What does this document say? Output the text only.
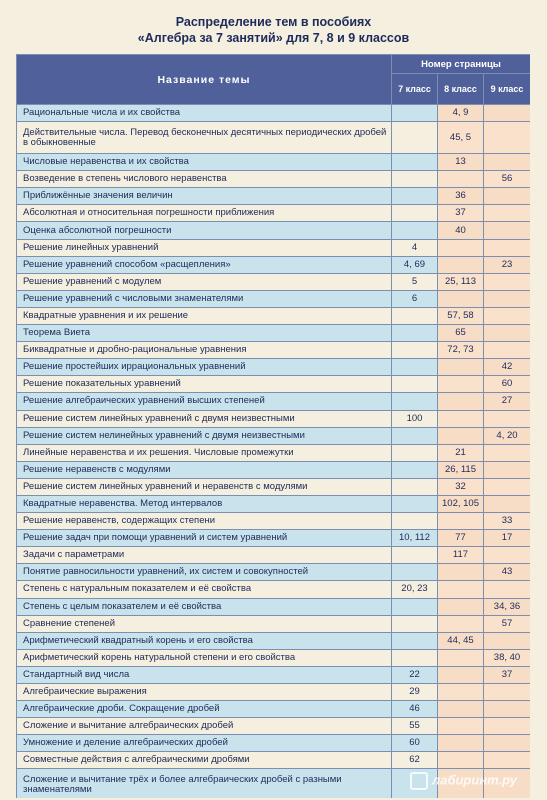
Распределение тем в пособиях
«Алгебра за 7 занятий» для 7, 8 и 9 классов
Название темы	Номер страницы		
	7 класс	8 класс	9 класс
Рациональные числа и их свойства		4, 9	
Действительные числа. Перевод бесконечных десятичных периодических дробей в обыкновенные		45, 5	
Числовые неравенства и их свойства		13	
Возведение в степень числового неравенства			56
Приближённые значения величин		36	
Абсолютная и относительная погрешности приближения		37	
Оценка абсолютной погрешности		40	
Решение линейных уравнений	4		
Решение уравнений способом «расщепления»	4, 69		23
Решение уравнений с модулем	5	25, 113	
Решение уравнений с числовыми знаменателями	6		
Квадратные уравнения и их решение		57, 58	
Теорема Виета		65	
Биквадратные и дробно-рациональные уравнения		72, 73	
Решение простейших иррациональных уравнений			42
Решение показательных уравнений			60
Решение алгебраических уравнений высших степеней			27
Решение систем линейных уравнений с двумя неизвестными	100		
Решение систем нелинейных уравнений с двумя неизвестными			4, 20
Линейные неравенства и их решения. Числовые промежутки		21	
Решение неравенств с модулями		26, 115	
Решение систем линейных уравнений и неравенств с модулями		32	
Квадратные неравенства. Метод интервалов		102, 105	
Решение неравенств, содержащих степени			33
Решение задач при помощи уравнений и систем уравнений	10, 112	77	17
Задачи с параметрами		117	
Понятие равносильности уравнений, их систем и совокупностей			43
Степень с натуральным показателем и её свойства	20, 23		
Степень с целым показателем и её свойства			34, 36
Сравнение степеней			57
Арифметический квадратный корень и его свойства		44, 45	
Арифметический корень натуральной степени и его свойства			38, 40
Стандартный вид числа	22		37
Алгебраические выражения	29		
Алгебраические дроби. Сокращение дробей	46		
Сложение и вычитание алгебраических дробей	55		
Умножение и деление алгебраических дробей	60		
Совместные действия с алгебраическими дробями	62		
Сложение и вычитание трёх и более алгебраических дробей с разными знаменателями			
лабиринт.ру
